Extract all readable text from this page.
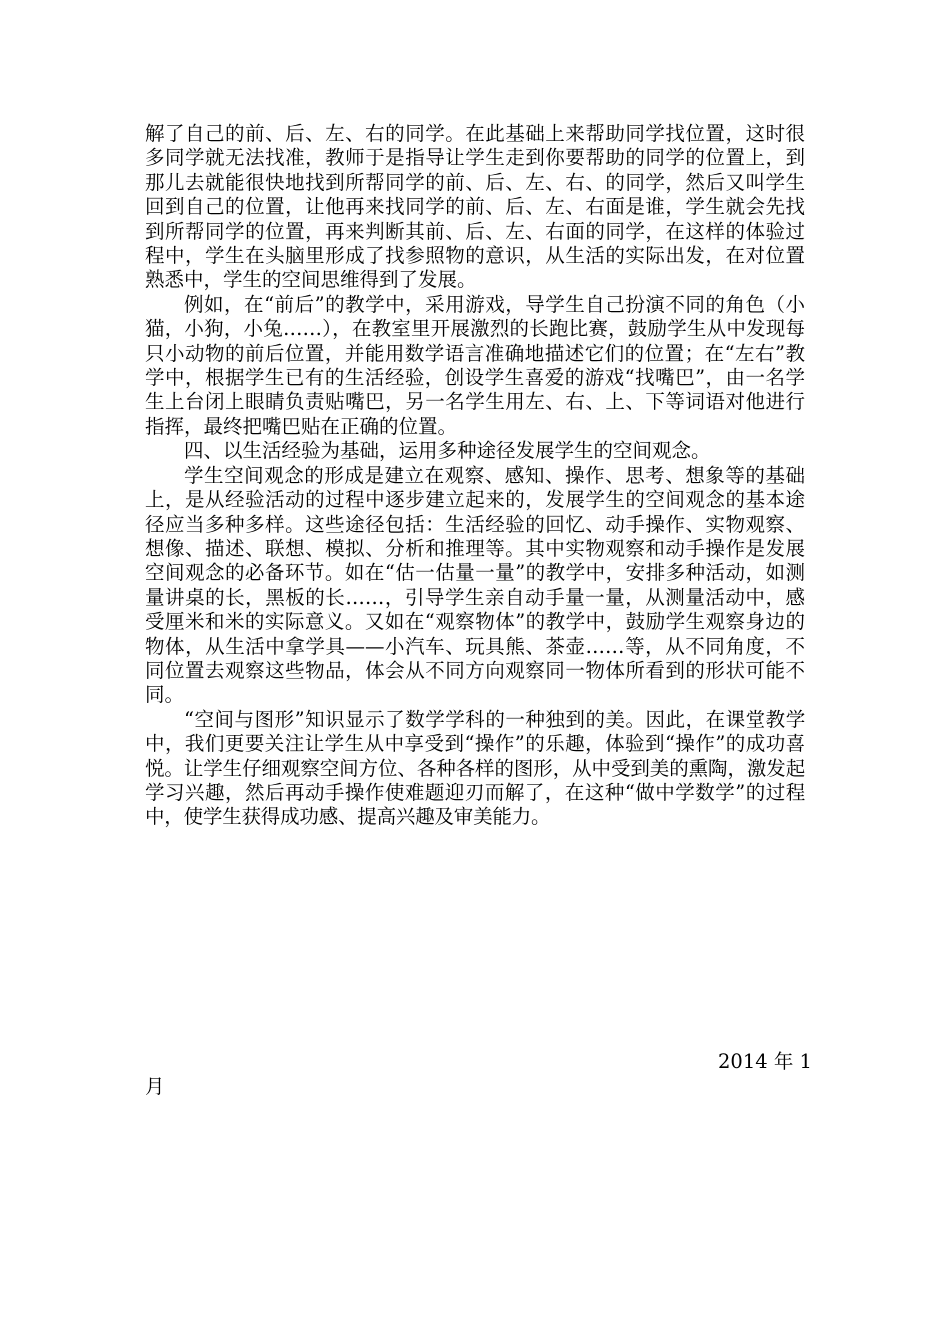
解了自己的前、后、左、右的同学。在此基础上来帮助同学找位置，这时很多同学就无法找准，教师于是指导让学生走到你要帮助的同学的位置上，到那儿去就能很快地找到所帮同学的前、后、左、右、的同学，然后又叫学生回到自己的位置，让他再来找同学的前、后、左、右面是谁，学生就会先找到所帮同学的位置，再来判断其前、后、左、右面的同学，在这样的体验过程中，学生在头脑里形成了找参照物的意识，从生活的实际出发，在对位置熟悉中，学生的空间思维得到了发展。

例如，在“前后”的教学中，采用游戏，导学生自己扮演不同的角色（小猫，小狗，小兔……），在教室里开展激烈的长跑比赛，鼓励学生从中发现每只小动物的前后位置，并能用数学语言准确地描述它们的位置；在“左右”教学中，根据学生已有的生活经验，创设学生喜爱的游戏“找嘴巴”，由一名学生上台闭上眼睛负责贴嘴巴，另一名学生用左、右、上、下等词语对他进行指挥，最终把嘴巴贴在正确的位置。

四、以生活经验为基础，运用多种途径发展学生的空间观念。

学生空间观念的形成是建立在观察、感知、操作、思考、想象等的基础上，是从经验活动的过程中逐步建立起来的，发展学生的空间观念的基本途径应当多种多样。这些途径包括：生活经验的回忆、动手操作、实物观察、想像、描述、联想、模拟、分析和推理等。其中实物观察和动手操作是发展空间观念的必备环节。如在“估一估量一量”的教学中，安排多种活动，如测量讲桌的长，黑板的长……，引导学生亲自动手量一量，从测量活动中，感受厘米和米的实际意义。又如在“观察物体”的教学中，鼓励学生观察身边的物体，从生活中拿学具——小汽车、玩具熊、茶壶……等，从不同角度，不同位置去观察这些物品，体会从不同方向观察同一物体所看到的形状可能不同。

“空间与图形”知识显示了数学学科的一种独到的美。因此，在课堂教学中，我们更要关注让学生从中享受到“操作”的乐趣，体验到“操作”的成功喜悦。让学生仔细观察空间方位、各种各样的图形，从中受到美的熏陶，激发起学习兴趣，然后再动手操作使难题迎刃而解了，在这种“做中学数学”的过程中，使学生获得成功感、提高兴趣及审美能力。

2014 年 1
月
